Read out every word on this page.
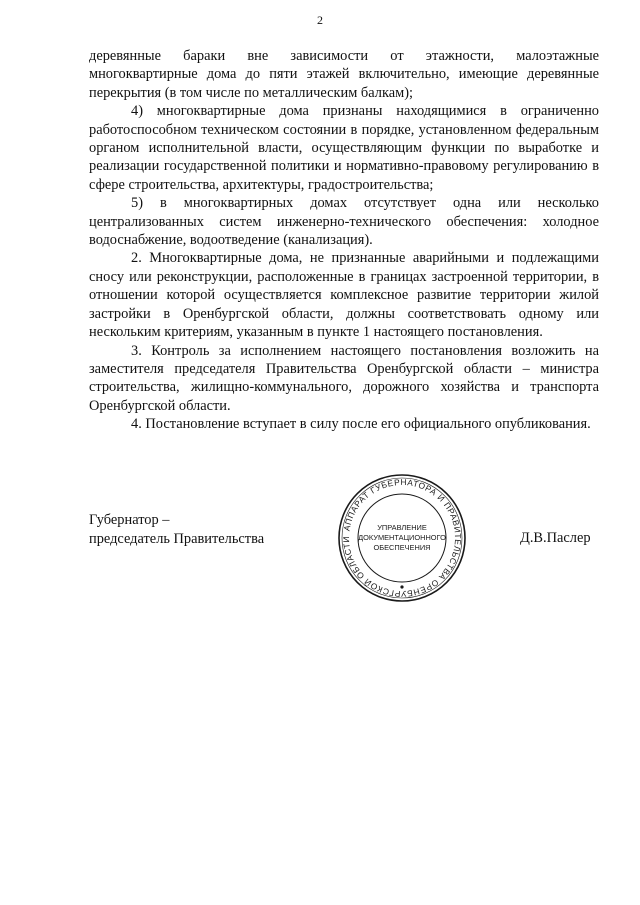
2

деревянные бараки вне зависимости от этажности, малоэтажные многоквартирные дома до пяти этажей включительно, имеющие деревянные перекрытия (в том числе по металлическим балкам);

4) многоквартирные дома признаны находящимися в ограниченно работоспособном техническом состоянии в порядке, установленном федеральным органом исполнительной власти, осуществляющим функции по выработке и реализации государственной политики и нормативно-правовому регулированию в сфере строительства, архитектуры, градостроительства;

5) в многоквартирных домах отсутствует одна или несколько централизованных систем инженерно-технического обеспечения: холодное водоснабжение, водоотведение (канализация).

2. Многоквартирные дома, не признанные аварийными и подлежащими сносу или реконструкции, расположенные в границах застроенной территории, в отношении которой осуществляется комплексное развитие территории жилой застройки в Оренбургской области, должны соответствовать одному или нескольким критериям, указанным в пункте 1 настоящего постановления.

3. Контроль за исполнением настоящего постановления возложить на заместителя председателя Правительства Оренбургской области – министра строительства, жилищно-коммунального, дорожного хозяйства и транспорта Оренбургской области.

4. Постановление вступает в силу после его официального опубликования.

Губернатор –
председатель Правительства
АППАРАТ ГУБЕРНАТОРА И ПРАВИТЕЛЬСТВА ОРЕНБУРГСКОЙ ОБЛАСТИ
УПРАВЛЕНИЕ
ДОКУМЕНТАЦИОННОГО
ОБЕСПЕЧЕНИЯ
Д.В.Паслер
